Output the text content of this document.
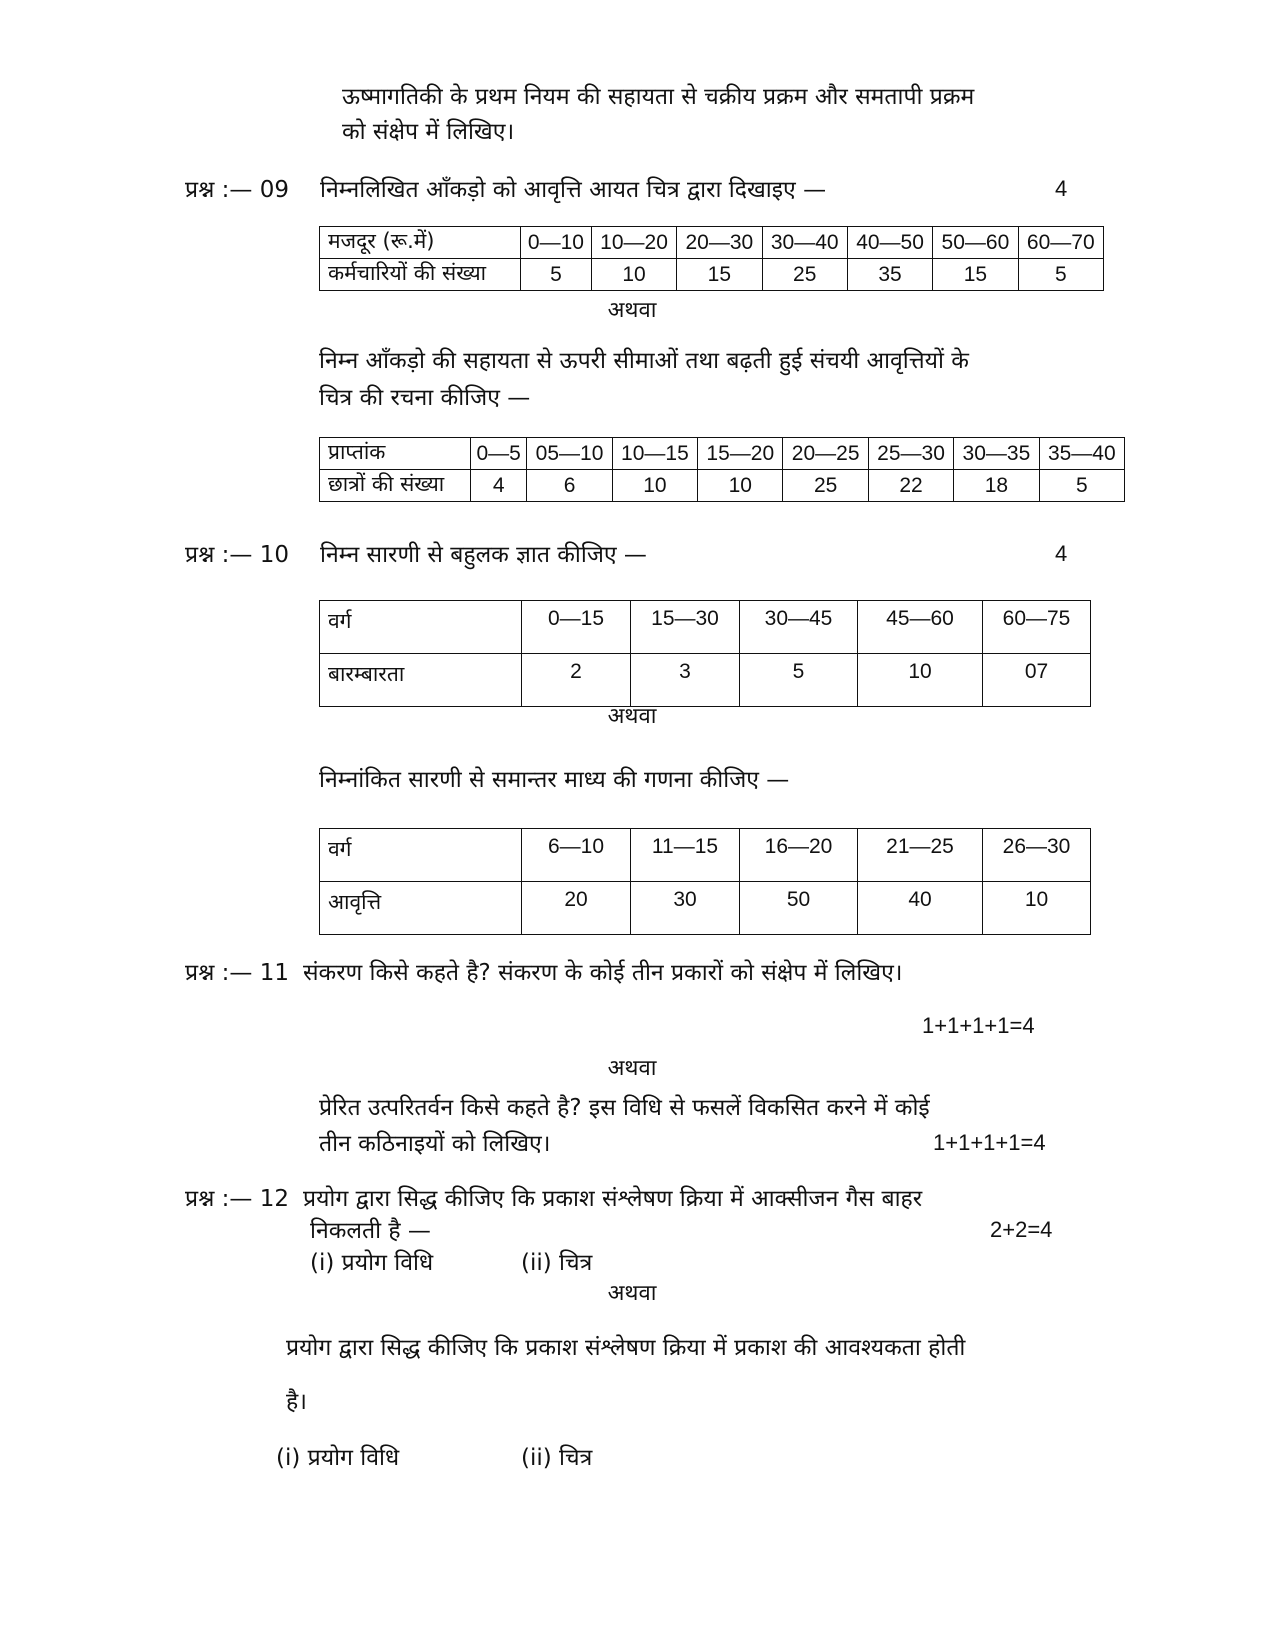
ऊष्मागतिकी के प्रथम नियम की सहायता से चक्रीय प्रक्रम और समतापी प्रक्रम
को संक्षेप में लिखिए।
प्रश्न :— 09 निम्नलिखित आँकड़ो को आवृत्ति आयत चित्र द्वारा दिखाइए —	4
मजदूर (रू.में)	0—10	10—20	20—30	30—40	40—50	50—60	60—70
कर्मचारियों की संख्या	5	10	15	25	35	15	5
अथवा
निम्न आँकड़ो की सहायता से ऊपरी सीमाओं तथा बढ़ती हुई संचयी आवृत्तियों के
चित्र की रचना कीजिए —
प्राप्तांक	0—5	05—10	10—15	15—20	20—25	25—30	30—35	35—40
छात्रों की संख्या	4	6	10	10	25	22	18	5
प्रश्न :— 10 निम्न सारणी से बहुलक ज्ञात कीजिए —	4
वर्ग	0—15	15—30	30—45	45—60	60—75
बारम्बारता	2	3	5	10	07
अथवा
निम्नांकित सारणी से समान्तर माध्य की गणना कीजिए —
वर्ग	6—10	11—15	16—20	21—25	26—30
आवृत्ति	20	30	50	40	10
प्रश्न :— 11 संकरण किसे कहते है? संकरण के कोई तीन प्रकारों को संक्षेप में लिखिए।
1+1+1+1=4
अथवा
प्रेरित उत्परितर्वन किसे कहते है? इस विधि से फसलें विकसित करने में कोई
तीन कठिनाइयों को लिखिए।	1+1+1+1=4
प्रश्न :— 12 प्रयोग द्वारा सिद्ध कीजिए कि प्रकाश संश्लेषण क्रिया में आक्सीजन गैस बाहर
निकलती है —	2+2=4
(i) प्रयोग विधि	(ii) चित्र
अथवा
प्रयोग द्वारा सिद्ध कीजिए कि प्रकाश संश्लेषण क्रिया में प्रकाश की आवश्यकता होती
है।
(i) प्रयोग विधि	(ii) चित्र
